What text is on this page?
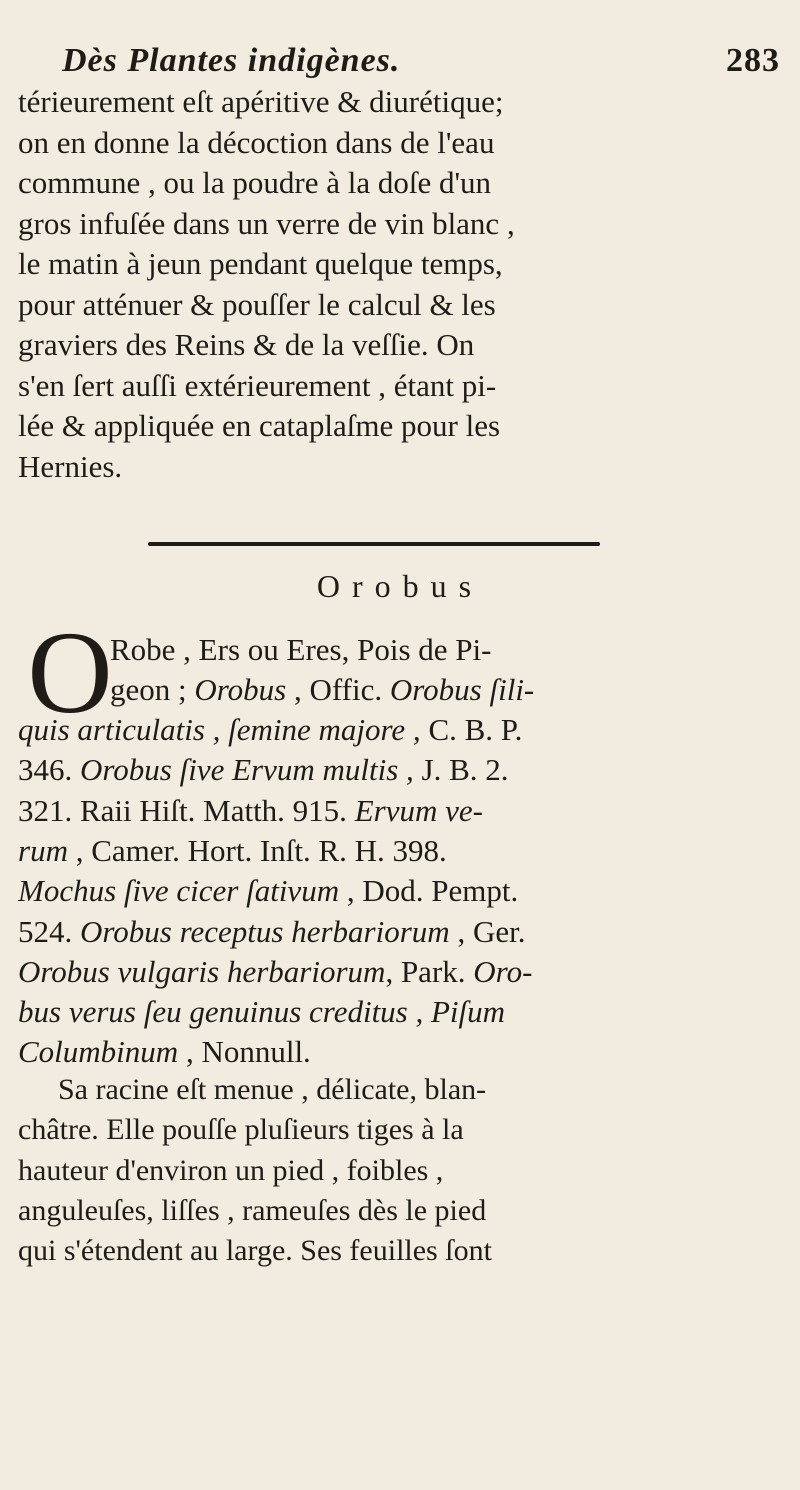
Dès Plantes indigènes.	283
térieurement eſt apéritive & diurétique;
on en donne la décoction dans de l'eau
commune , ou la poudre à la doſe d'un
gros infuſée dans un verre de vin blanc ,
le matin à jeun pendant quelque temps,
pour atténuer & pouſſer le calcul & les
graviers des Reins & de la veſſie. On
s'en ſert auſſi extérieurement , étant pi-
lée & appliquée en cataplaſme pour les
Hernies.
Orobus
O
Robe , Ers ou Eres, Pois de Pi-
geon ; Orobus , Offic. Orobus ſili-
quis articulatis , ſemine majore , C. B. P.
346. Orobus ſive Ervum multis , J. B. 2.
321. Raii Hiſt. Matth. 915. Ervum ve-
rum , Camer. Hort. Inſt. R. H. 398.
Mochus ſive cicer ſativum , Dod. Pempt.
524. Orobus receptus herbariorum , Ger.
Orobus vulgaris herbariorum, Park. Oro-
bus verus ſeu genuinus creditus , Piſum
Columbinum , Nonnull.
Sa racine eſt menue , délicate, blan-
châtre. Elle pouſſe pluſieurs tiges à la
hauteur d'environ un pied , foibles ,
anguleuſes, liſſes , rameuſes dès le pied
qui s'étendent au large. Ses feuilles ſont
